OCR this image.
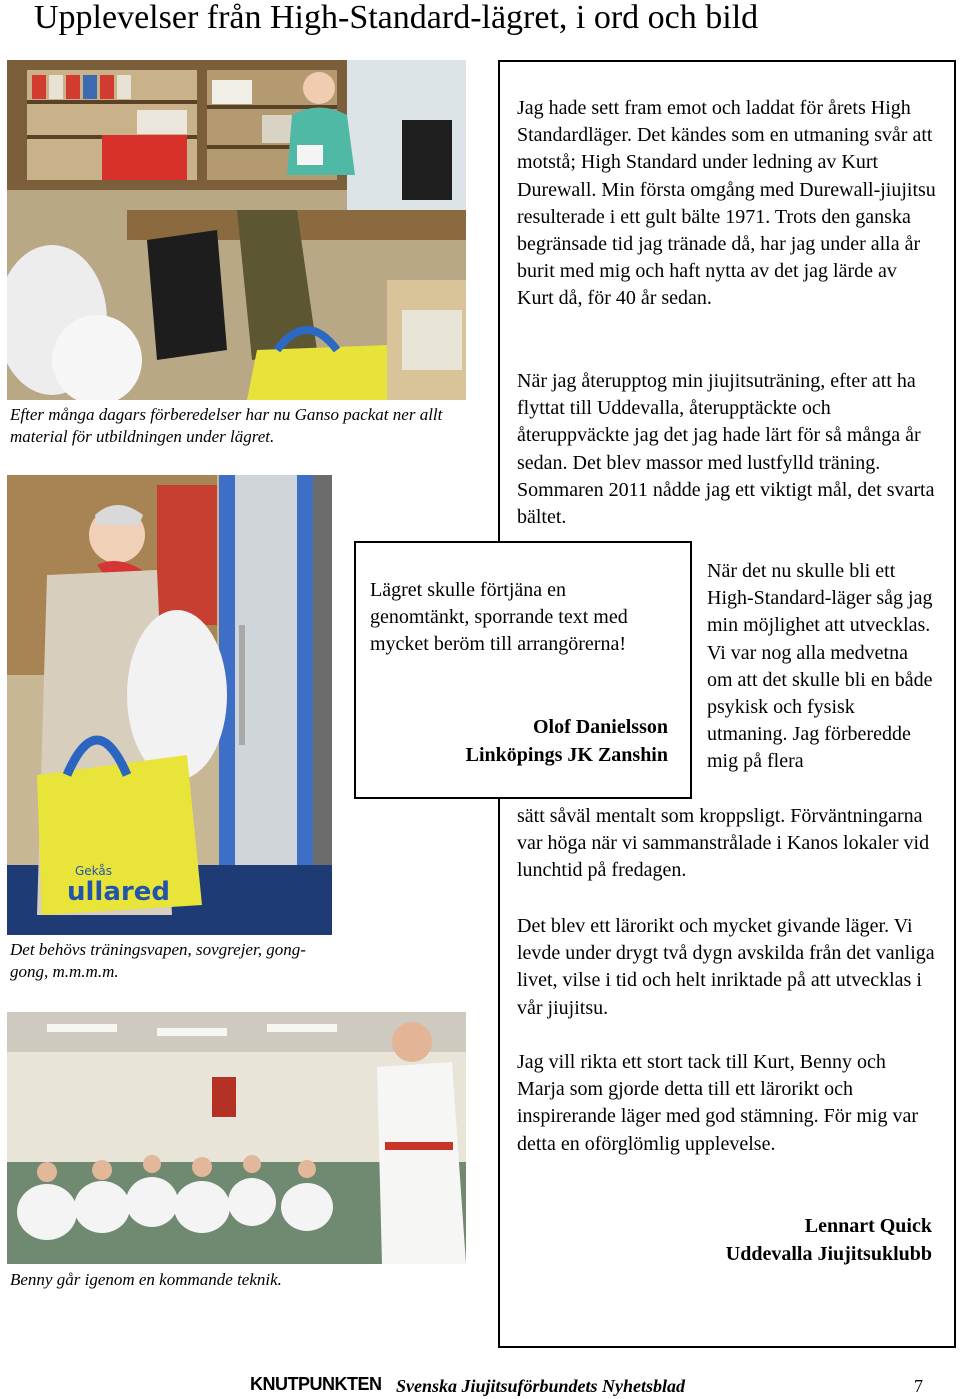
Upplevelser från High-Standard-lägret, i ord och bild
Efter många dagars förberedelser har nu Ganso packat ner allt material för utbildningen under lägret.
Gekås
ullared
Det behövs träningsvapen, sovgrejer, gong-gong, m.m.m.m.
Benny går igenom en kommande teknik.
Jag hade sett fram emot och laddat för årets High Standardläger. Det kändes som en utmaning svår att motstå; High Standard under ledning av Kurt Durewall. Min första omgång med Durewall-jiujitsu resulterade i ett gult bälte 1971. Trots den ganska begränsade tid jag tränade då, har jag under alla år burit med mig och haft nytta av det jag lärde av Kurt då, för 40 år sedan.
När jag återupptog min jiujitsuträning, efter att ha flyttat till Uddevalla, återupptäckte och återuppväckte jag det jag hade lärt för så många år sedan. Det blev massor med lustfylld träning. Sommaren 2011 nådde jag ett viktigt mål, det svarta bältet.
När det nu skulle bli ett High-Standard-läger såg jag min möjlighet att utvecklas. Vi var nog alla medvetna om att det skulle bli en både psykisk och fysisk utmaning. Jag förberedde mig på flera
sätt såväl mentalt som kroppsligt. Förväntningarna var höga när vi sammanstrålade i Kanos lokaler vid lunchtid på fredagen.
Det blev ett lärorikt och mycket givande läger. Vi levde under drygt två dygn avskilda från det vanliga livet, vilse i tid och helt inriktade på att utvecklas i vår jiujitsu.
Jag vill rikta ett stort tack till Kurt, Benny och Marja som gjorde detta till ett lärorikt och inspirerande läger med god stämning. För mig var detta en oförglömlig upplevelse.
Lennart Quick
Uddevalla Jiujitsuklubb
Lägret skulle förtjäna en genomtänkt, sporrande text med mycket beröm till arrangörerna!
Olof Danielsson
Linköpings JK Zanshin
KNUTPUNKTEN Svenska Jiujitsuförbundets Nyhetsblad	7
